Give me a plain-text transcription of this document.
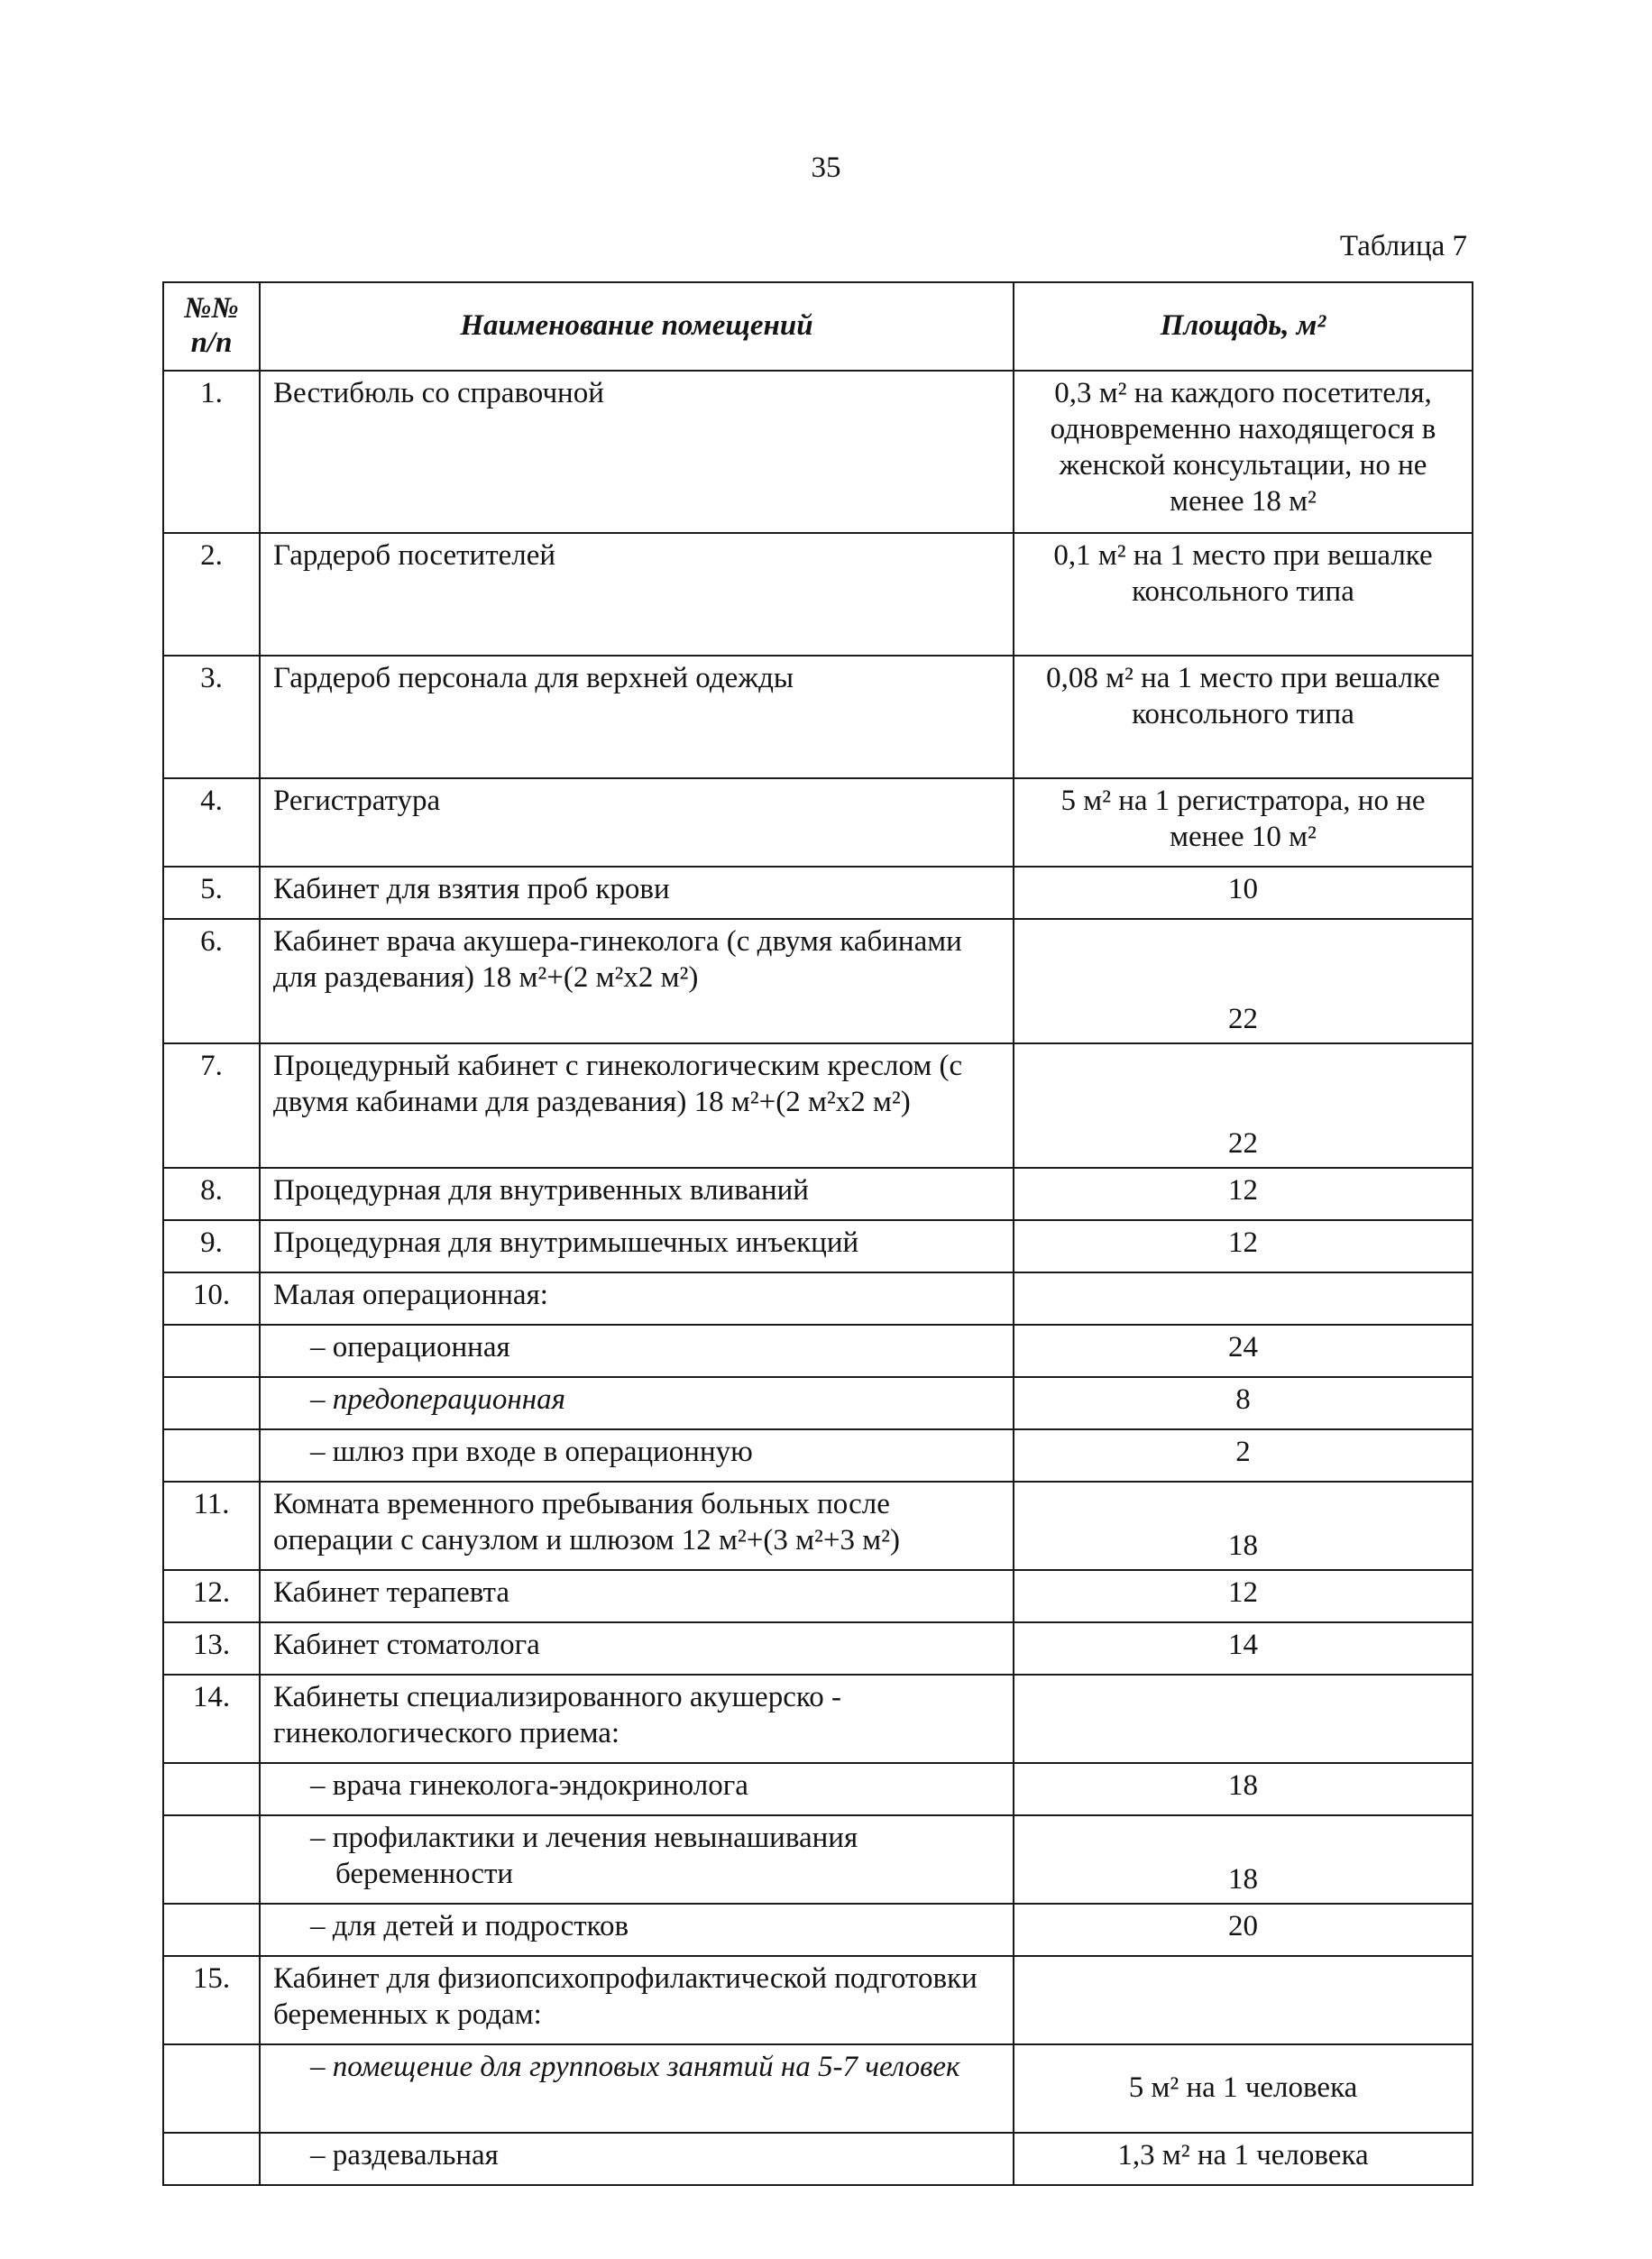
35
Таблица 7
№№ п/п	Наименование помещений	Площадь, м²
1.	Вестибюль со справочной	0,3 м² на каждого посетителя, одновременно находящегося в женской консультации, но не менее 18 м²
2.	Гардероб посетителей	0,1 м² на 1 место при вешалке консольного типа
3.	Гардероб персонала для верхней одежды	0,08 м² на 1 место при вешалке консольного типа
4.	Регистратура	5 м² на 1 регистратора, но не менее 10 м²
5.	Кабинет для взятия проб крови	10
6.	Кабинет врача акушера-гинеколога (с двумя кабинами для раздевания) 18 м²+(2 м²х2 м²)	22
7.	Процедурный кабинет с гинекологическим креслом (с двумя кабинами для раздевания) 18 м²+(2 м²х2 м²)	22
8.	Процедурная для внутривенных вливаний	12
9.	Процедурная для внутримышечных инъекций	12
10.	Малая операционная:	

	– операционная	24

	– предоперационная	8

	– шлюз при входе в операционную	2
11.	Комната временного пребывания больных после операции с санузлом и шлюзом 12 м²+(3 м²+3 м²)	18
12.	Кабинет терапевта	12
13.	Кабинет стоматолога	14
14.	Кабинеты специализированного акушерско - гинекологического приема:	

	– врача гинеколога-эндокринолога	18

	– профилактики и лечения невынашивания беременности	18

	– для детей и подростков	20
15.	Кабинет для физиопсихопрофилактической подготовки беременных к родам:	

	– помещение для групповых занятий на 5-7 человек	5 м² на 1 человека

	– раздевальная	1,3 м² на 1 человека
